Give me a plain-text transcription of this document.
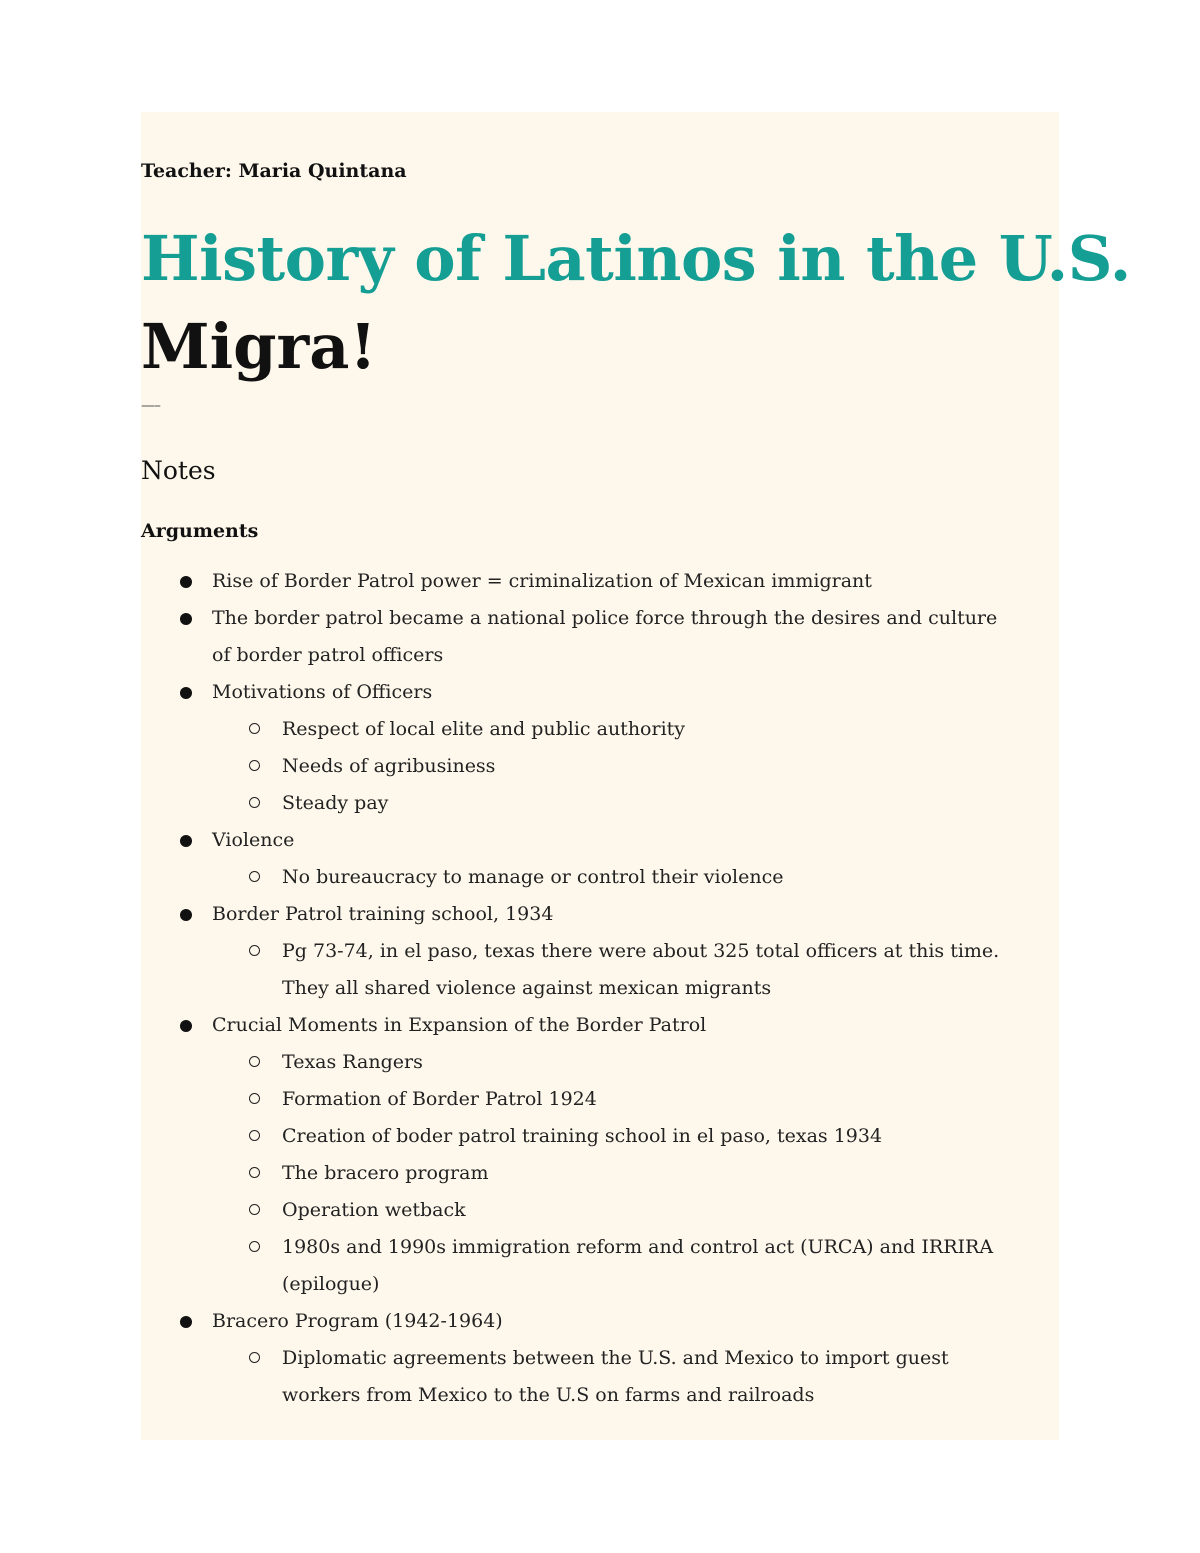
Teacher: Maria Quintana
History of Latinos in the U.S.
Migra!
—–
Notes
Arguments
Rise of Border Patrol power = criminalization of Mexican immigrant
The border patrol became a national police force through the desires and culture of border patrol officers
Motivations of Officers
Respect of local elite and public authority
Needs of agribusiness
Steady pay
Violence
No bureaucracy to manage or control their violence
Border Patrol training school, 1934
Pg 73-74, in el paso, texas there were about 325 total officers at this time. They all shared violence against mexican migrants
Crucial Moments in Expansion of the Border Patrol
Texas Rangers
Formation of Border Patrol 1924
Creation of boder patrol training school in el paso, texas 1934
The bracero program
Operation wetback
1980s and 1990s immigration reform and control act (URCA) and IRRIRA (epilogue)
Bracero Program (1942-1964)
Diplomatic agreements between the U.S. and Mexico to import guest workers from Mexico to the U.S on farms and railroads
